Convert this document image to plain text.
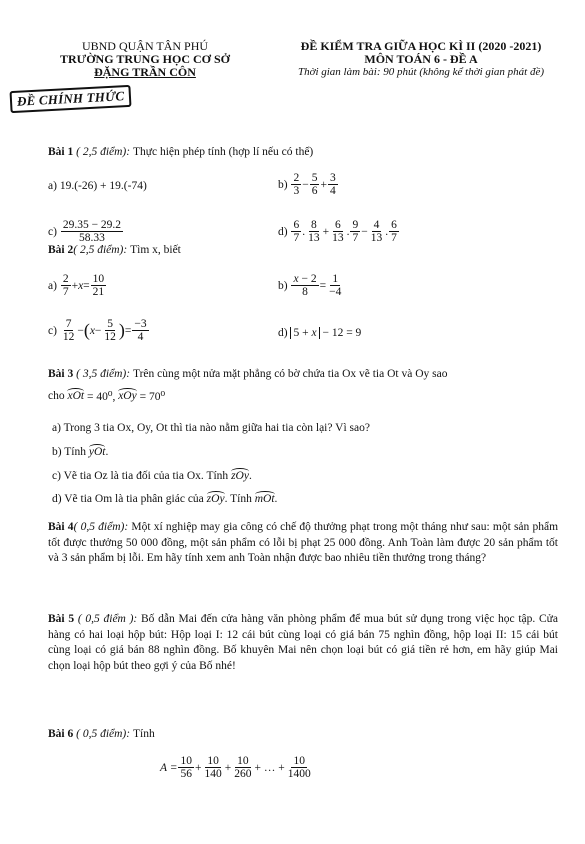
UBND QUẬN TÂN PHÚ
TRƯỜNG TRUNG HỌC CƠ SỞ
ĐẶNG TRẦN CÔN
ĐỀ CHÍNH THỨC
ĐỀ KIỂM TRA GIỮA HỌC KÌ II (2020 -2021)
MÔN TOÁN 6 - ĐỀ A
Thời gian làm bài: 90 phút (không kể thời gian phát đề)
Bài 1
( 2,5 điểm):
Thực hiện phép tính (hợp lí nếu có thể)
a)
19.(-26) + 19.(-74)	b)
$\frac{2}{3} - \frac{5}{6} + \frac{3}{4}$
c)
$\frac{29.35 - 29.2}{58.33}$	d)
$\frac{6}{7}$ . $\frac{8}{13} + \frac{6}{13}$ . $\frac{9}{7} - \frac{4}{13}$ . $\frac{6}{7}$
Bài 2 ( 2,5 điểm):
Tìm x, biết
a)
$\frac{2}{7} + x = \frac{10}{21}$	b)
$\frac{x - 2}{8} = \frac{1}{-4}$
c)
$\frac{7}{12}$ − ( $x - \frac{5}{12}$ ) = $\frac{-3}{4}$	d)
5 + x
− 12 = 9
Bài 3 ( 3,5 điểm): Trên cùng một nửa mặt phẳng có bờ chứa tia Ox vẽ tia Ot và Oy sao
cho
xOt
= 40⁰,
xOy
= 70⁰
a) Trong 3 tia Ox, Oy, Ot thì tia nào nằm giữa hai tia còn lại? Vì sao?
b) Tính
yOt .
c) Vẽ tia Oz là tia đối của tia Ox. Tính
zOy .
d) Vẽ tia Om là tia phân giác của
zOy . Tính
mOt .
Bài 4( 0,5 điểm): Một xí nghiệp may gia công có chế độ thưởng phạt trong một tháng như sau: một sản phẩm tốt được thưởng 50 000 đồng, một sản phẩm có lỗi bị phạt 25 000 đồng. Anh Toàn làm được 20 sản phẩm tốt và 3 sản phẩm bị lỗi. Em hãy tính xem anh Toàn nhận được bao nhiêu tiền thưởng trong tháng?
Bài 5 ( 0,5 điểm ): Bố dẫn Mai đến cửa hàng văn phòng phẩm để mua bút sử dụng trong việc học tập. Cửa hàng có hai loại hộp bút: Hộp loại I: 12 cái bút cùng loại có giá bán 75 nghìn đồng, hộp loại II: 15 cái bút cùng loại có giá bán 88 nghìn đồng. Bố khuyên Mai nên chọn loại bút có giá tiền rẻ hơn, em hãy giúp Mai chọn loại hộp bút theo gợi ý của Bố nhé!
Bài 6
( 0,5 điểm):
Tính
$A = \frac{10}{56} + \frac{10}{140} + \frac{10}{260}$ + … + $\frac{10}{1400}$
